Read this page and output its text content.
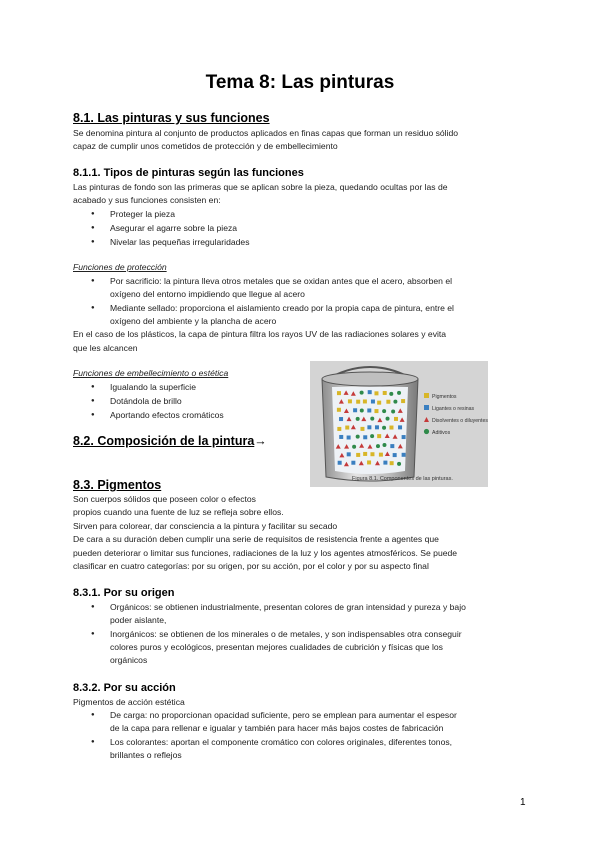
Tema 8: Las pinturas
8.1. Las pinturas y sus funciones
Se denomina pintura al conjunto de productos aplicados en finas capas que forman un residuo sólido
capaz de cumplir unos cometidos de protección y de embellecimiento
8.1.1. Tipos de pinturas según las funciones
Las pinturas de fondo son las primeras que se aplican sobre la pieza, quedando ocultas por las de
acabado y sus funciones consisten en:
● Proteger la pieza
● Asegurar el agarre sobre la pieza
● Nivelar las pequeñas irregularidades
Funciones de protección
● Por sacrificio: la pintura lleva otros metales que se oxidan antes que el acero, absorben el
oxígeno del entorno impidiendo que llegue al acero
● Mediante sellado: proporciona el aislamiento creado por la propia capa de pintura, entre el
oxígeno del ambiente y la plancha de acero
En el caso de los plásticos, la capa de pintura filtra los rayos UV de las radiaciones solares y evita
que les alcancen
Funciones de embellecimiento o estética
● Igualando la superficie
● Dotándola de brillo
● Aportando efectos cromáticos
8.2. Composición de la pintura→
Pigmentos
Ligantes o resinas
Disolventes o diluyentes
Aditivos
Figura 8.1. Componentes de las pinturas.
8.3. Pigmentos
Son cuerpos sólidos que poseen color o efectos
propios cuando una fuente de luz se refleja sobre ellos.
Sirven para colorear, dar consciencia a la pintura y facilitar su secado
De cara a su duración deben cumplir una serie de requisitos de resistencia frente a agentes que
pueden deteriorar o limitar sus funciones, radiaciones de la luz y los agentes atmosféricos. Se puede
clasificar en cuatro categorías: por su origen, por su acción, por el color y por su aspecto final
8.3.1. Por su origen
● Orgánicos: se obtienen industrialmente, presentan colores de gran intensidad y pureza y bajo
poder aislante,
● Inorgánicos: se obtienen de los minerales o de metales, y son indispensables otra conseguir
colores puros y ecológicos, presentan mejores cualidades de cubrición y físicas que los
orgánicos
8.3.2. Por su acción
Pigmentos de acción estética
● De carga: no proporcionan opacidad suficiente, pero se emplean para aumentar el espesor
de la capa para rellenar e igualar y también para hacer más bajos costes de fabricación
● Los colorantes: aportan el componente cromático con colores originales, diferentes tonos,
brillantes o reflejos
1
